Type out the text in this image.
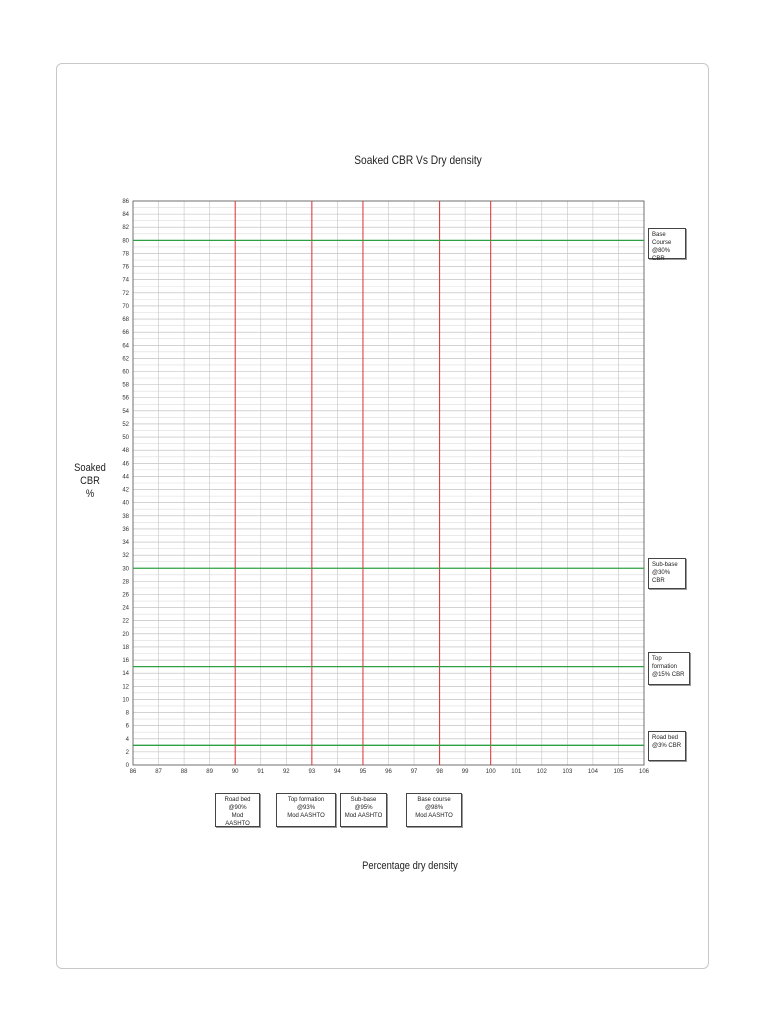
Soaked CBR Vs Dry density
Soaked CBR
%
Percentage dry density
0
2
4
6
8
10
12
14
16
18
20
22
24
26
28
30
32
34
36
38
40
42
44
46
48
50
52
54
56
58
60
62
64
66
68
70
72
74
76
78
80
82
84
86
86	87	88	89	90	91	92	93	94	95	96	97	98	99	100	101	102	103	104	105	106
Base Course
@80% CBR
Sub-base
@30% CBR
Top formation
@15% CBR
Road bed
@3% CBR
Road bed @90%
Mod AASHTO
Top formation @93%
Mod AASHTO
Sub-base @95%
Mod AASHTO
Base course @98%
Mod AASHTO
